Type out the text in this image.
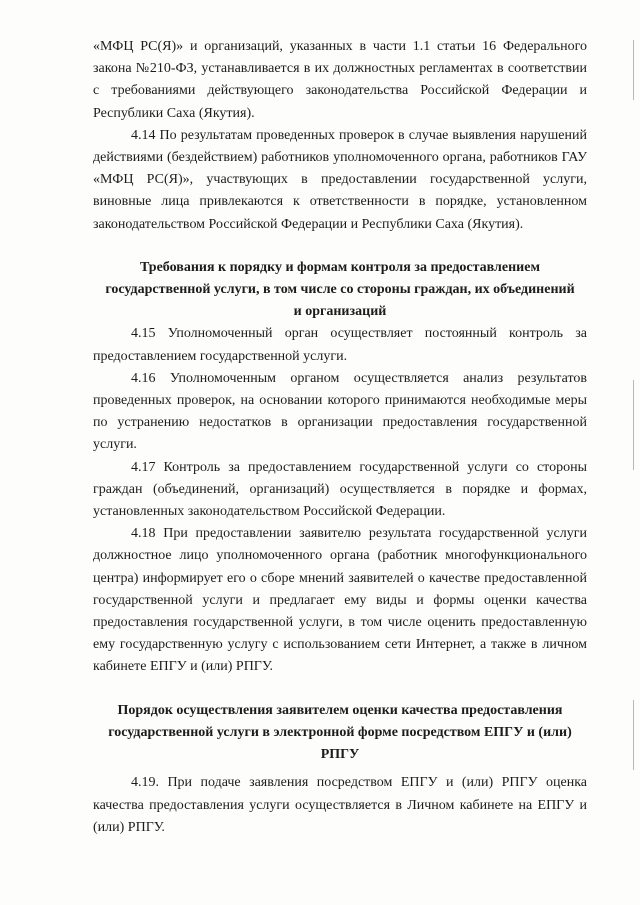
«МФЦ РС(Я)» и организаций, указанных в части 1.1 статьи 16 Федерального закона №210-ФЗ, устанавливается в их должностных регламентах в соответствии с требованиями действующего законодательства Российской Федерации и Республики Саха (Якутия).

4.14 По результатам проведенных проверок в случае выявления нарушений действиями (бездействием) работников уполномоченного органа, работников ГАУ «МФЦ РС(Я)», участвующих в предоставлении государственной услуги, виновные лица привлекаются к ответственности в порядке, установленном законодательством Российской Федерации и Республики Саха (Якутия).

Требования к порядку и формам контроля за предоставлением государственной услуги, в том числе со стороны граждан, их объединений и организаций

4.15 Уполномоченный орган осуществляет постоянный контроль за предоставлением государственной услуги.

4.16 Уполномоченным органом осуществляется анализ результатов проведенных проверок, на основании которого принимаются необходимые меры по устранению недостатков в организации предоставления государственной услуги.

4.17 Контроль за предоставлением государственной услуги со стороны граждан (объединений, организаций) осуществляется в порядке и формах, установленных законодательством Российской Федерации.

4.18 При предоставлении заявителю результата государственной услуги должностное лицо уполномоченного органа (работник многофункционального центра) информирует его о сборе мнений заявителей о качестве предоставленной государственной услуги и предлагает ему виды и формы оценки качества предоставления государственной услуги, в том числе оценить предоставленную ему государственную услугу с использованием сети Интернет, а также в личном кабинете ЕПГУ и (или) РПГУ.

Порядок осуществления заявителем оценки качества предоставления государственной услуги в электронной форме посредством ЕПГУ и (или) РПГУ

4.19. При подаче заявления посредством ЕПГУ и (или) РПГУ оценка качества предоставления услуги осуществляется в Личном кабинете на ЕПГУ и (или) РПГУ.
